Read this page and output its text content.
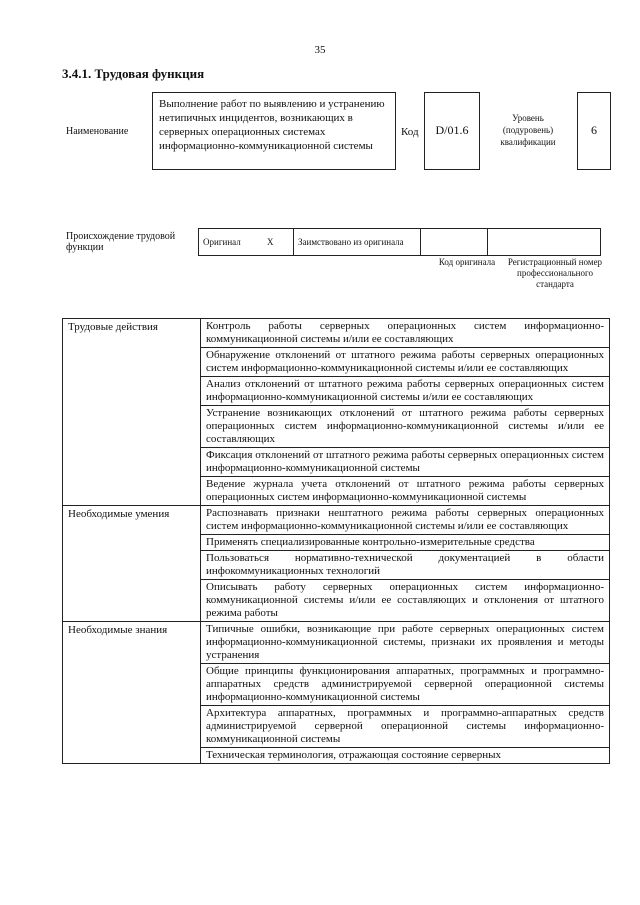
35
3.4.1. Трудовая функция
Наименование
Выполнение работ по выявлению и устранению нетипичных инцидентов, возникающих в серверных операционных системах информационно-коммуникационной системы
Код	D/01.6
Уровень (подуровень) квалификации
6
Происхождение трудовой функции	Оригинал	X	Заимствовано из оригинала		
Код оригинала	Регистрационный номер профессионального стандарта
Трудовые действия	Контроль работы серверных операционных систем информационно-коммуникационной системы и/или ее составляющих
	Обнаружение отклонений от штатного режима работы серверных операционных систем информационно-коммуникационной системы и/или ее составляющих
	Анализ отклонений от штатного режима работы серверных операционных систем информационно-коммуникационной системы и/или ее составляющих
	Устранение возникающих отклонений от штатного режима работы серверных операционных систем информационно-коммуникационной системы и/или ее составляющих
	Фиксация отклонений от штатного режима работы серверных операционных систем информационно-коммуникационной системы
	Ведение журнала учета отклонений от штатного режима работы серверных операционных систем информационно-коммуникационной системы
Необходимые умения	Распознавать признаки нештатного режима работы серверных операционных систем информационно-коммуникационной системы и/или ее составляющих
	Применять специализированные контрольно-измерительные средства
	Пользоваться нормативно-технической документацией в области инфокоммуникационных технологий
	Описывать работу серверных операционных систем информационно-коммуникационной системы и/или ее составляющих и отклонения от штатного режима работы
Необходимые знания	Типичные ошибки, возникающие при работе серверных операционных систем информационно-коммуникационной системы, признаки их проявления и методы устранения
	Общие принципы функционирования аппаратных, программных и программно-аппаратных средств администрируемой серверной операционной системы информационно-коммуникационной системы
	Архитектура аппаратных, программных и программно-аппаратных средств администрируемой серверной операционной системы информационно-коммуникационной системы
	Техническая терминология, отражающая состояние серверных
